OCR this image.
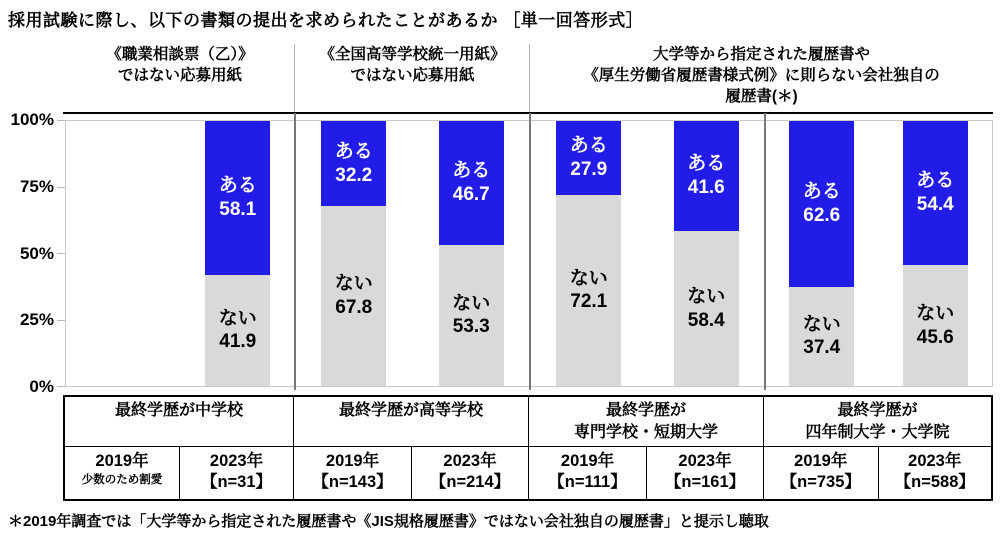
採用試験に際し、以下の書類の提出を求められたことがあるか ［単一回答形式］
《職業相談票（乙）》
ではない応募用紙
《全国高等学校統一用紙》
ではない応募用紙
大学等から指定された履歴書や
《厚生労働省履歴書様式例》に則らない会社独自の
履歴書(＊)
100%
75%
50%
25%
0%
ある
58.1
ない
41.9
ある
32.2
ない
67.8
ある
46.7
ない
53.3
ある
27.9
ない
72.1
ある
41.6
ない
58.4
ある
62.6
ない
37.4
ある
54.4
ない
45.6
最終学歴が中学校	最終学歴が高等学校	最終学歴が
専門学校・短期大学
最終学歴が
四年制大学・大学院
2019年
少数のため割愛
2023年
【n=31】
2019年
【n=143】
2023年
【n=214】
2019年
【n=111】
2023年
【n=161】
2019年
【n=735】
2023年
【n=588】
＊2019年調査では「大学等から指定された履歴書や《JIS規格履歴書》ではない会社独自の履歴書」と提示し聴取
